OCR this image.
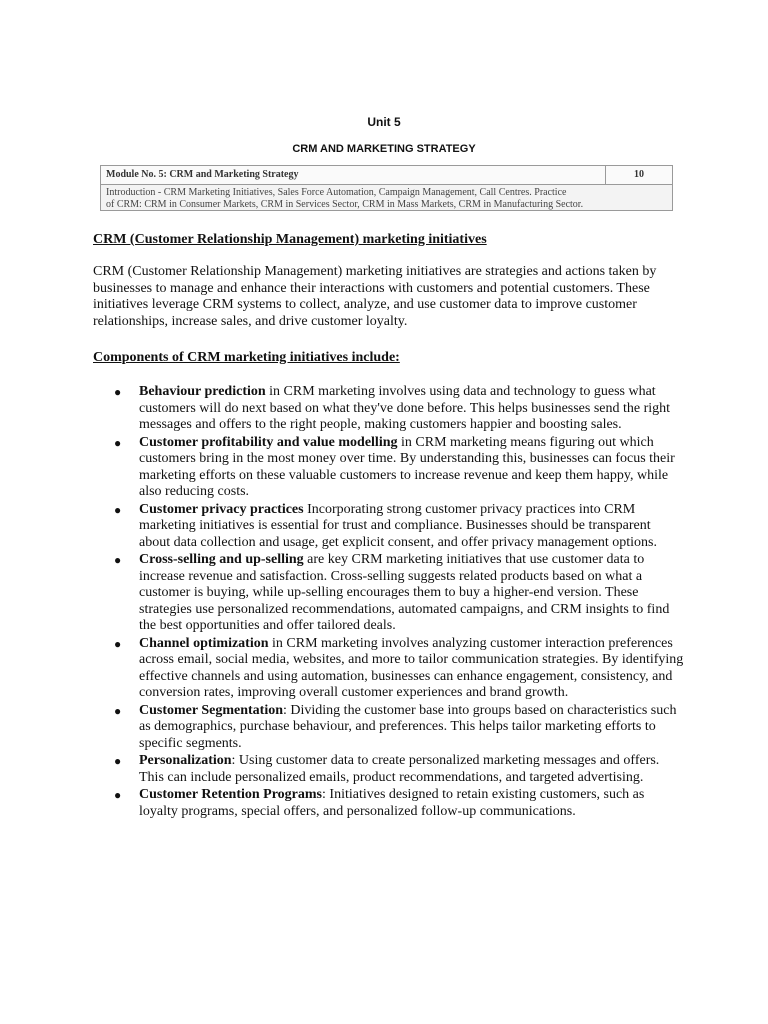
Unit 5
CRM AND MARKETING STRATEGY
Module No. 5: CRM and Marketing Strategy	10
Introduction - CRM Marketing Initiatives, Sales Force Automation, Campaign Management, Call Centres. Practice
of CRM: CRM in Consumer Markets, CRM in Services Sector, CRM in Mass Markets, CRM in Manufacturing Sector.
CRM (Customer Relationship Management) marketing initiatives

CRM (Customer Relationship Management) marketing initiatives are strategies and actions taken by businesses to manage and enhance their interactions with customers and potential customers. These initiatives leverage CRM systems to collect, analyze, and use customer data to improve customer relationships, increase sales, and drive customer loyalty.

Components of CRM marketing initiatives include:
● Behaviour prediction in CRM marketing involves using data and technology to guess what customers will do next based on what they've done before. This helps businesses send the right messages and offers to the right people, making customers happier and boosting sales.
● Customer profitability and value modelling in CRM marketing means figuring out which customers bring in the most money over time. By understanding this, businesses can focus their marketing efforts on these valuable customers to increase revenue and keep them happy, while also reducing costs.
● Customer privacy practices Incorporating strong customer privacy practices into CRM marketing initiatives is essential for trust and compliance. Businesses should be transparent about data collection and usage, get explicit consent, and offer privacy management options.
● Cross-selling and up-selling are key CRM marketing initiatives that use customer data to increase revenue and satisfaction. Cross-selling suggests related products based on what a customer is buying, while up-selling encourages them to buy a higher-end version. These strategies use personalized recommendations, automated campaigns, and CRM insights to find the best opportunities and offer tailored deals.
● Channel optimization in CRM marketing involves analyzing customer interaction preferences across email, social media, websites, and more to tailor communication strategies. By identifying effective channels and using automation, businesses can enhance engagement, consistency, and conversion rates, improving overall customer experiences and brand growth.
● Customer Segmentation: Dividing the customer base into groups based on characteristics such as demographics, purchase behaviour, and preferences. This helps tailor marketing efforts to specific segments.
● Personalization: Using customer data to create personalized marketing messages and offers. This can include personalized emails, product recommendations, and targeted advertising.
● Customer Retention Programs: Initiatives designed to retain existing customers, such as loyalty programs, special offers, and personalized follow-up communications.
